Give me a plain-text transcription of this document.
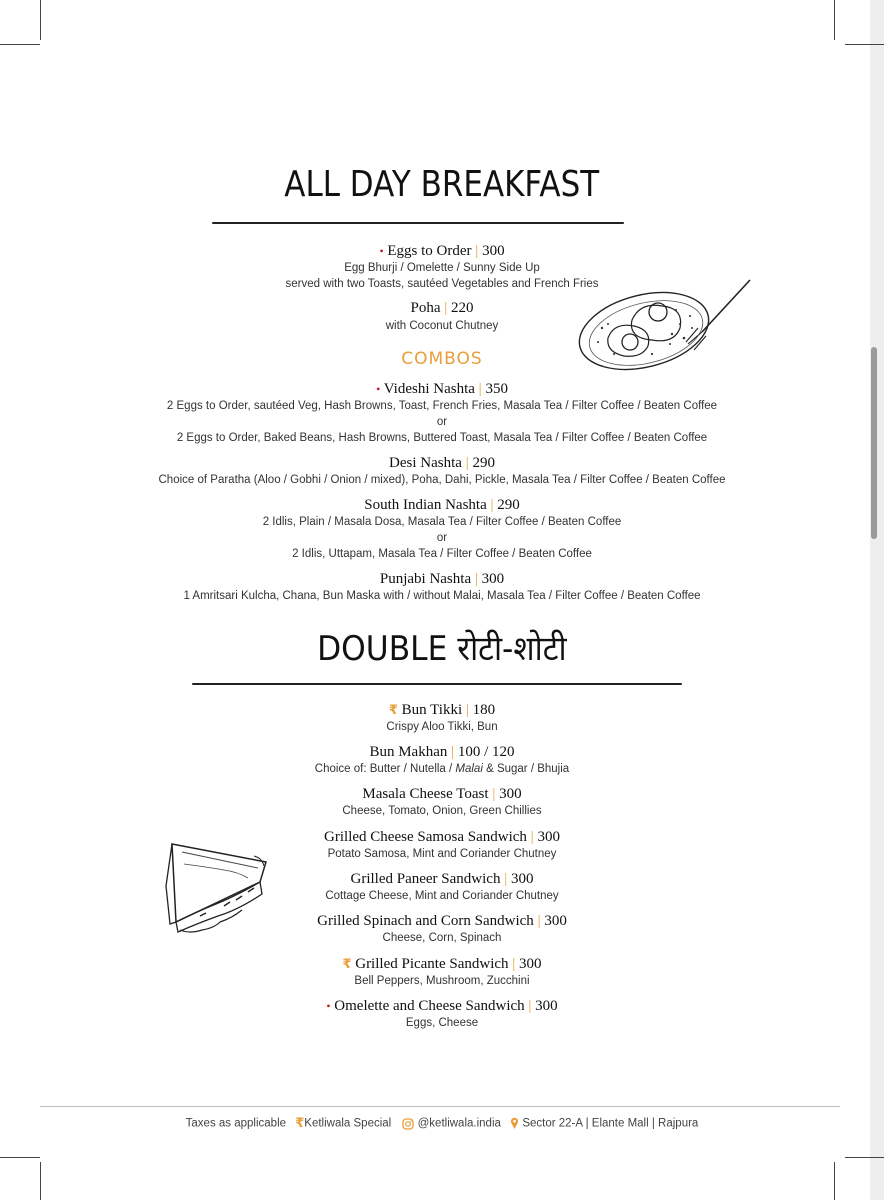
ALL DAY BREAKFAST
• Eggs to Order | 300
Egg Bhurji / Omelette / Sunny Side Up
served with two Toasts, sautéed Vegetables and French Fries
Poha | 220
with Coconut Chutney
COMBOS
• Videshi Nashta | 350
2 Eggs to Order, sautéed Veg, Hash Browns, Toast, French Fries, Masala Tea / Filter Coffee / Beaten Coffee
or
2 Eggs to Order, Baked Beans, Hash Browns, Buttered Toast, Masala Tea / Filter Coffee / Beaten Coffee
Desi Nashta | 290
Choice of Paratha (Aloo / Gobhi / Onion / mixed), Poha, Dahi, Pickle, Masala Tea / Filter Coffee / Beaten Coffee
South Indian Nashta | 290
2 Idlis, Plain / Masala Dosa, Masala Tea / Filter Coffee / Beaten Coffee
or
2 Idlis, Uttapam, Masala Tea / Filter Coffee / Beaten Coffee
Punjabi Nashta | 300
1 Amritsari Kulcha, Chana, Bun Maska with / without Malai, Masala Tea / Filter Coffee / Beaten Coffee
DOUBLE रोटी-शोटी
₹ Bun Tikki | 180
Crispy Aloo Tikki, Bun
Bun Makhan | 100 / 120
Choice of: Butter / Nutella / Malai & Sugar / Bhujia
Masala Cheese Toast | 300
Cheese, Tomato, Onion, Green Chillies
Grilled Cheese Samosa Sandwich | 300
Potato Samosa, Mint and Coriander Chutney
Grilled Paneer Sandwich | 300
Cottage Cheese, Mint and Coriander Chutney
Grilled Spinach and Corn Sandwich | 300
Cheese, Corn, Spinach
₹ Grilled Picante Sandwich | 300
Bell Peppers, Mushroom, Zucchini
• Omelette and Cheese Sandwich | 300
Eggs, Cheese
Taxes as applicable ₹Ketliwala Special @ketliwala.india Sector 22-A | Elante Mall | Rajpura
